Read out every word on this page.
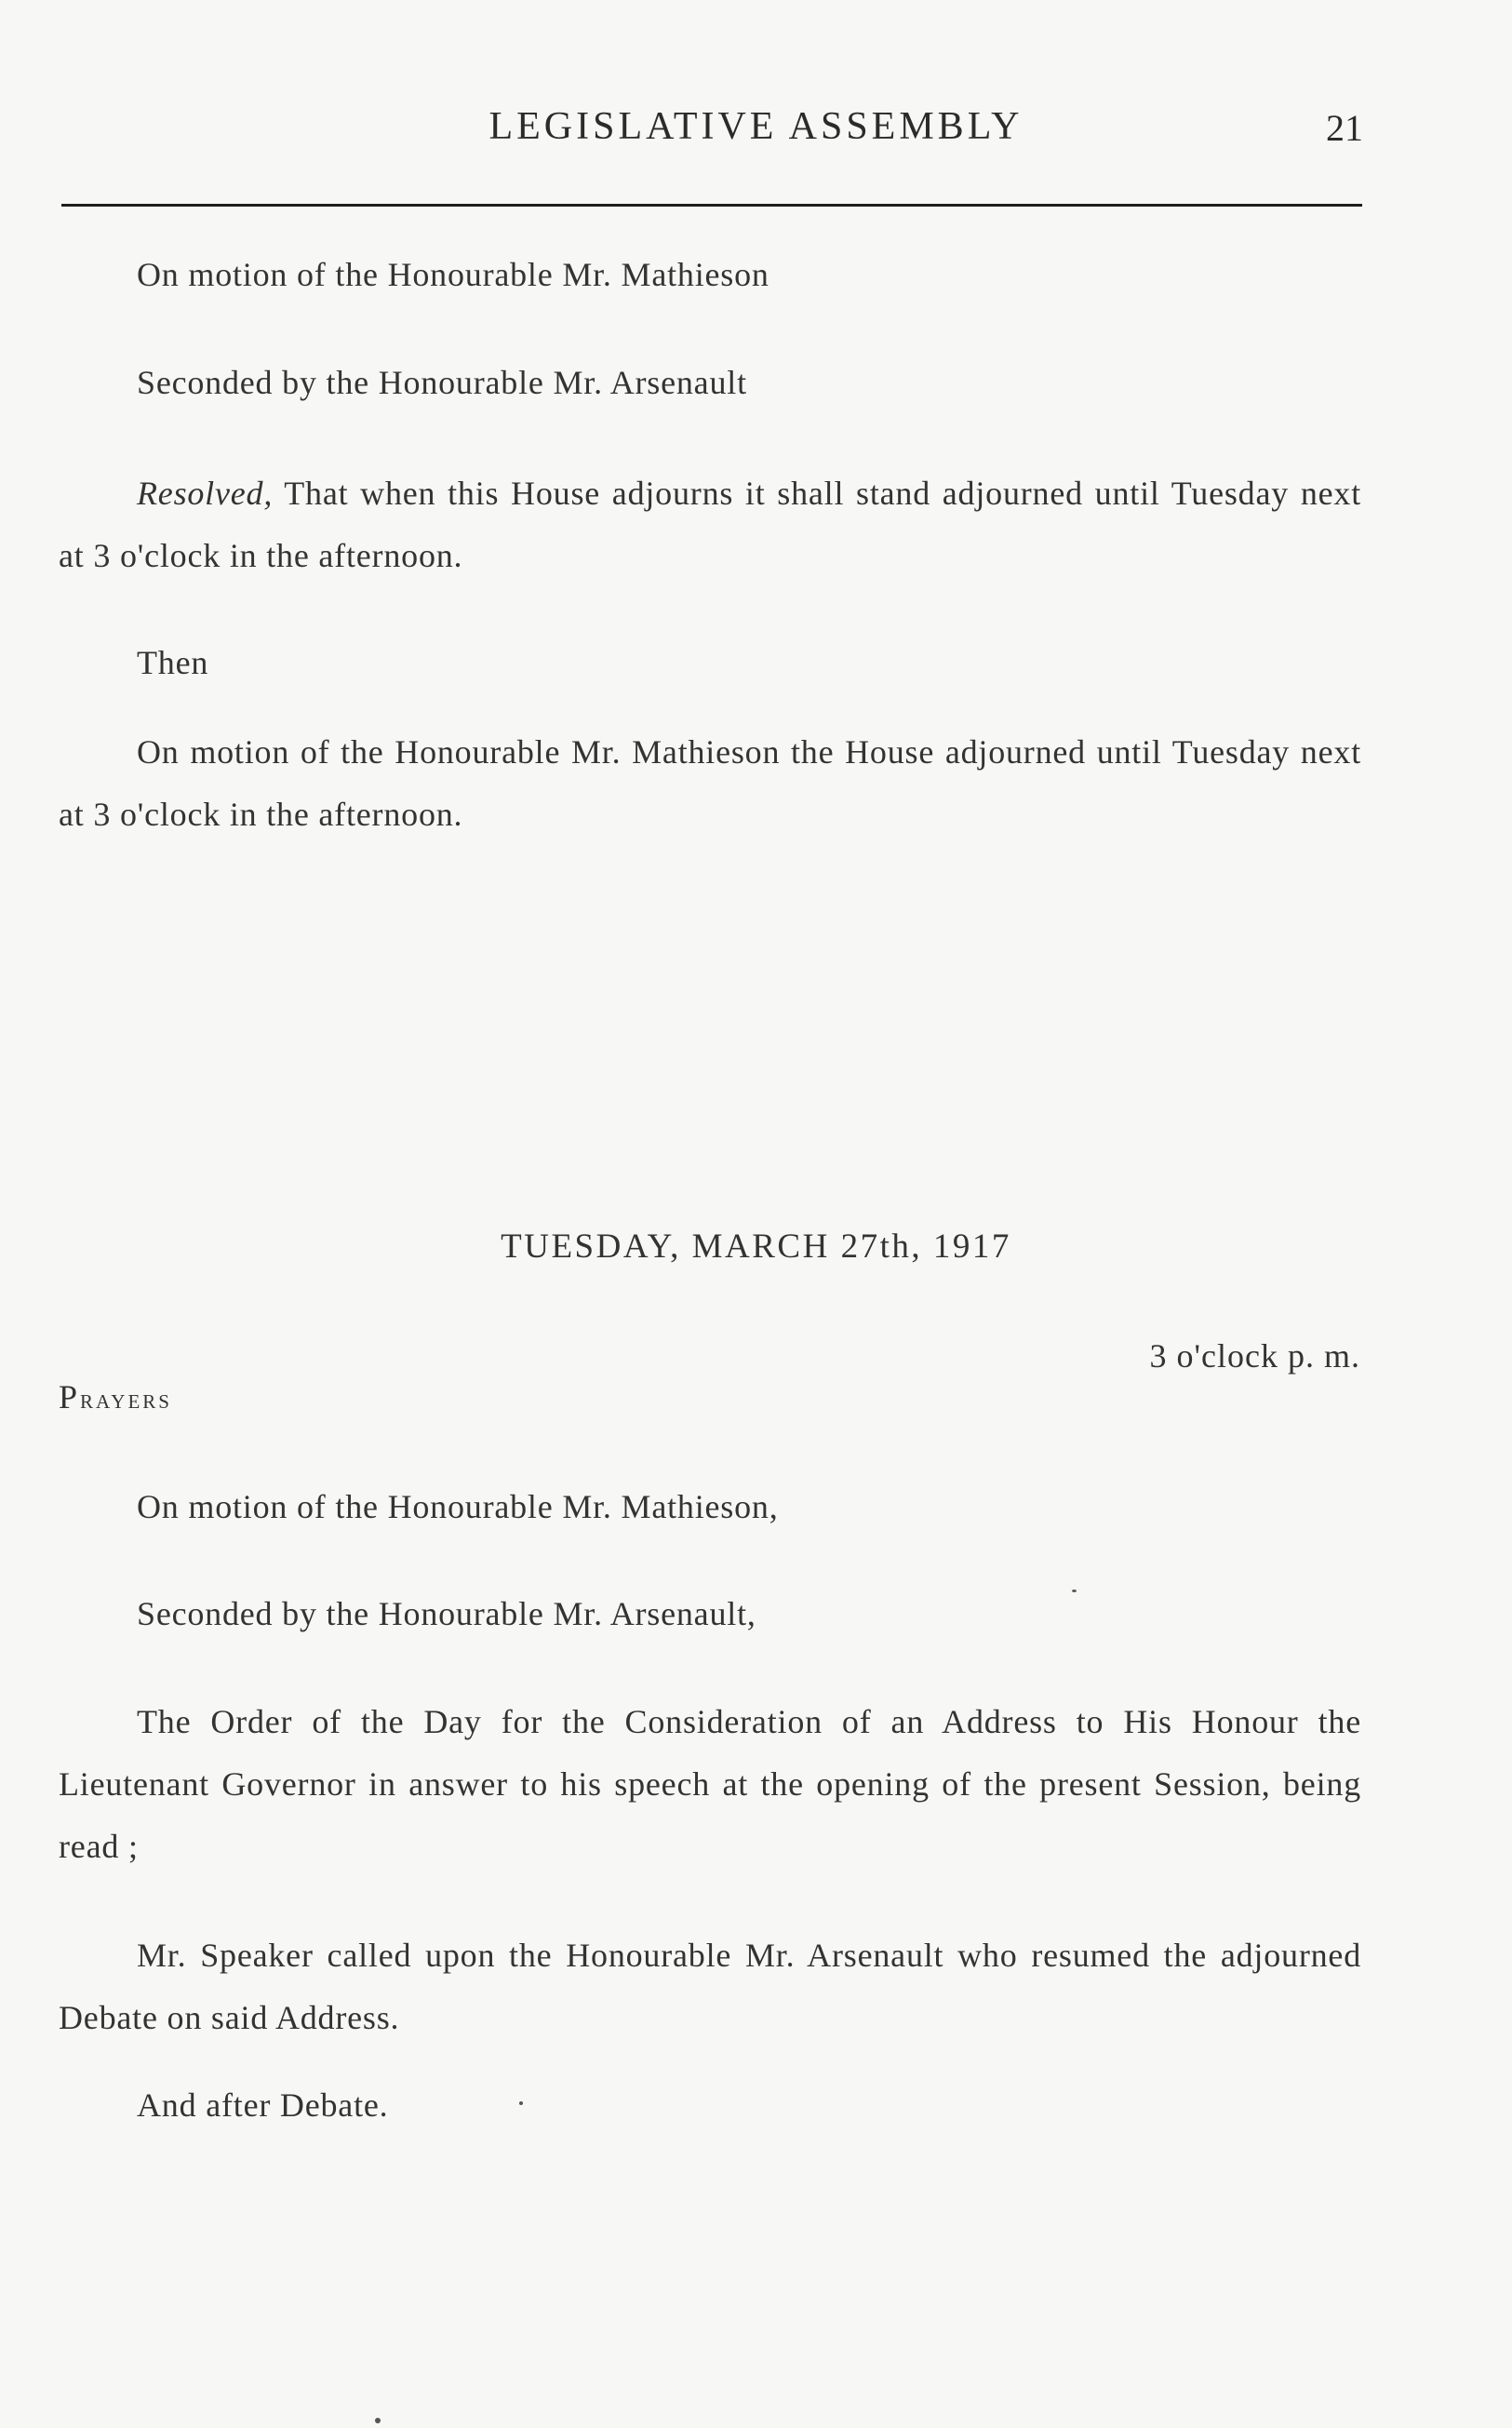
LEGISLATIVE ASSEMBLY	21

On motion of the Honourable Mr. Mathieson

Seconded by the Honourable Mr. Arsenault

Resolved, That when this House adjourns it shall stand adjourned until Tuesday next at 3 o'clock in the afternoon.

Then

On motion of the Honourable Mr. Mathieson the House adjourned until Tuesday next at 3 o'clock in the afternoon.

TUESDAY, MARCH 27th, 1917
3 o'clock p. m.
Prayers

On motion of the Honourable Mr. Mathieson,

Seconded by the Honourable Mr. Arsenault,

The Order of the Day for the Consideration of an Address to His Honour the Lieutenant Governor in answer to his speech at the opening of the present Session, being read ;

Mr. Speaker called upon the Honourable Mr. Arsenault who resumed the adjourned Debate on said Address.

And after Debate.
